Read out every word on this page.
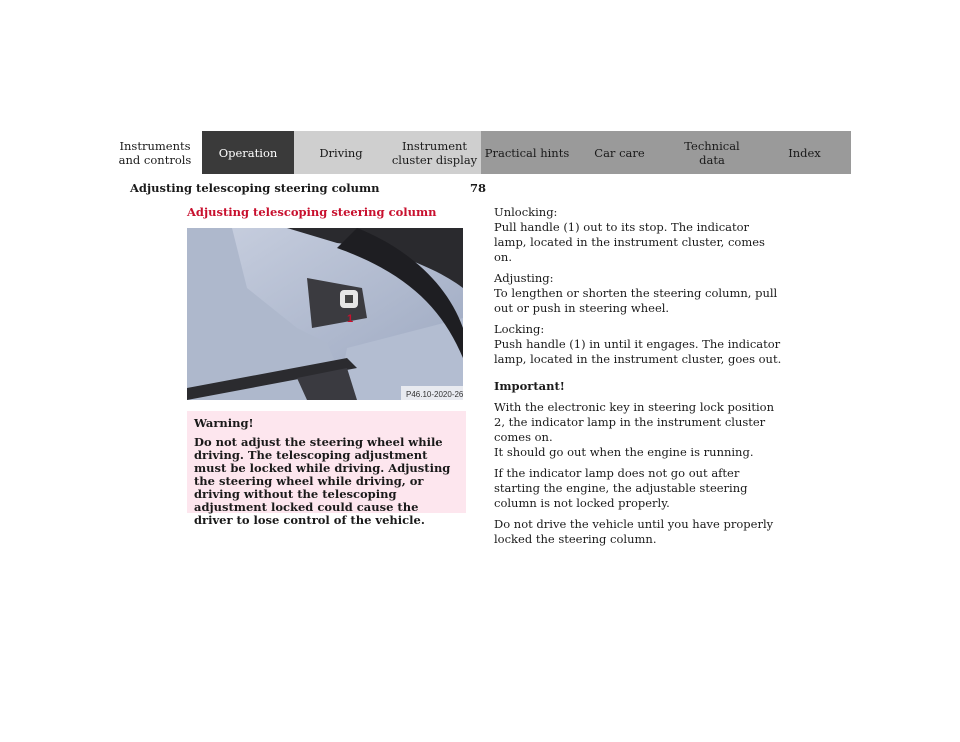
Instruments
and controls	Operation	Driving	Instrument
cluster display Practical hints	Car care	Technical
data	Index
Adjusting telescoping steering column	78
Adjusting telescoping steering column
1
P46.10-2020-26
Warning!
Do not adjust the steering wheel while driving. The telescoping adjustment must be locked while driving. Adjusting the steering wheel while driving, or driving without the telescoping adjustment locked could cause the driver to lose control of the vehicle.

Unlocking:
Pull handle (1) out to its stop. The indicator lamp, located in the instrument cluster, comes on.

Adjusting:
To lengthen or shorten the steering column, pull out or push in steering wheel.

Locking:
Push handle (1) in until it engages. The indicator lamp, located in the instrument cluster, goes out.

Important!

With the electronic key in steering lock position 2, the indicator lamp in the instrument cluster comes on.
It should go out when the engine is running.

If the indicator lamp does not go out after starting the engine, the adjustable steering column is not locked properly.

Do not drive the vehicle until you have properly locked the steering column.
